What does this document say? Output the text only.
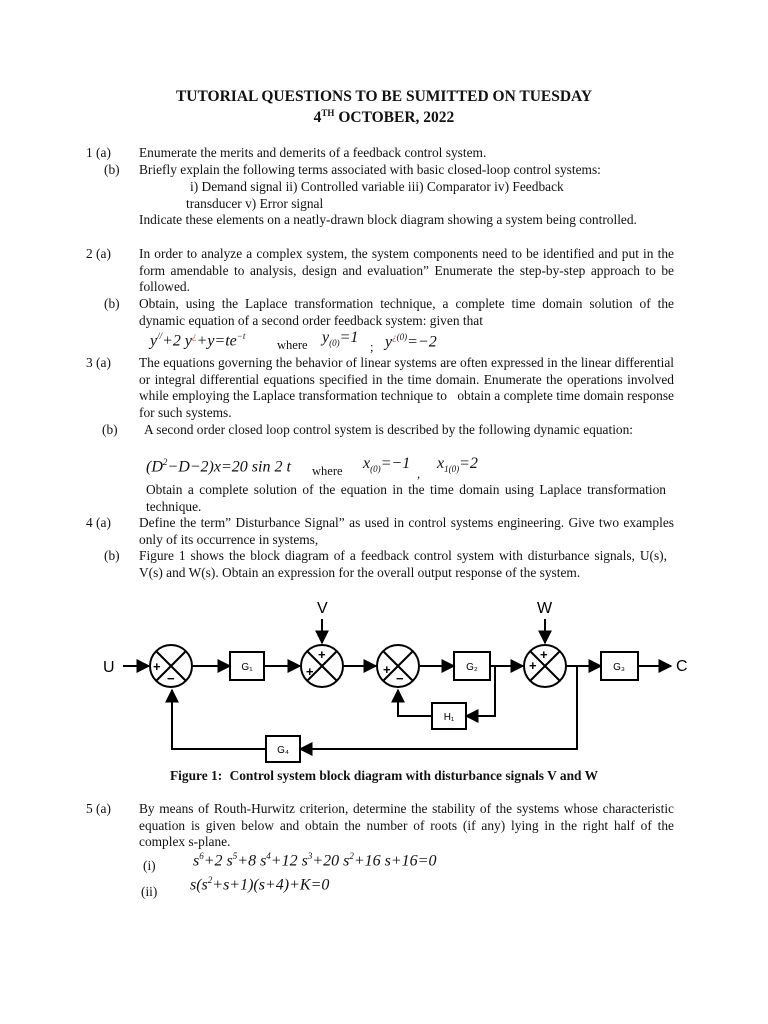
TUTORIAL QUESTIONS TO BE SUMITTED ON TUESDAY
4TH OCTOBER, 2022
1 (a)	Enumerate the merits and demerits of a feedback control system.
(b)	Briefly explain the following terms associated with basic closed-loop control systems:
i) Demand signal ii) Controlled variable iii) Comparator iv) Feedback
transducer v) Error signal
Indicate these elements on a neatly-drawn block diagram showing a system being controlled.
2 (a)	In order to analyze a complex system, the system components need to be identified and put in the form amendable to analysis, design and evaluation” Enumerate the step-by-step approach to be followed.
(b)	Obtain, using the Laplace transformation technique, a complete time domain solution of the dynamic equation of a second order feedback system: given that
y//+2 $y^¿+y=te^{-t}$
where $y_{(0)}=1$
; $y^{¿(0)}=-2$
3 (a)	The equations governing the behavior of linear systems are often expressed in the linear differential or integral differential equations specified in the time domain. Enumerate the operations involved while employing the Laplace transformation technique to   obtain a complete time domain response for such systems.
(b)	A second order closed loop control system is described by the following dynamic equation:
$(D^2-D-2)x=20$ sin 2 t where $x_{(0)}=-1$
,
$x_{1(0)}=2$
Obtain a complete solution of the equation in the time domain using Laplace transformation technique.
4 (a)	Define the term” Disturbance Signal” as used in control systems engineering. Give two examples only of its occurrence in systems,
(b)	Figure 1 shows the block diagram of a feedback control system with disturbance signals, U(s), V(s) and W(s). Obtain an expression for the overall output response of the system.
+
−
+
+	+
−
+
+
U
V	W
C
G₁	G₂	G₃
H₁
G₄
Figure 1: Control system block diagram with disturbance signals V and W
5 (a)	By means of Routh-Hurwitz criterion, determine the stability of the systems whose characteristic equation is given below and obtain the number of roots (if any) lying in the right half of the complex s-plane.
(i)	$s^6+2$ $s^5+8$ $s^4+12$ $s^3+20$ $s^2+16$ s+16=0
(ii)	$s(s^2+s+1)(s+4)+K=0$
